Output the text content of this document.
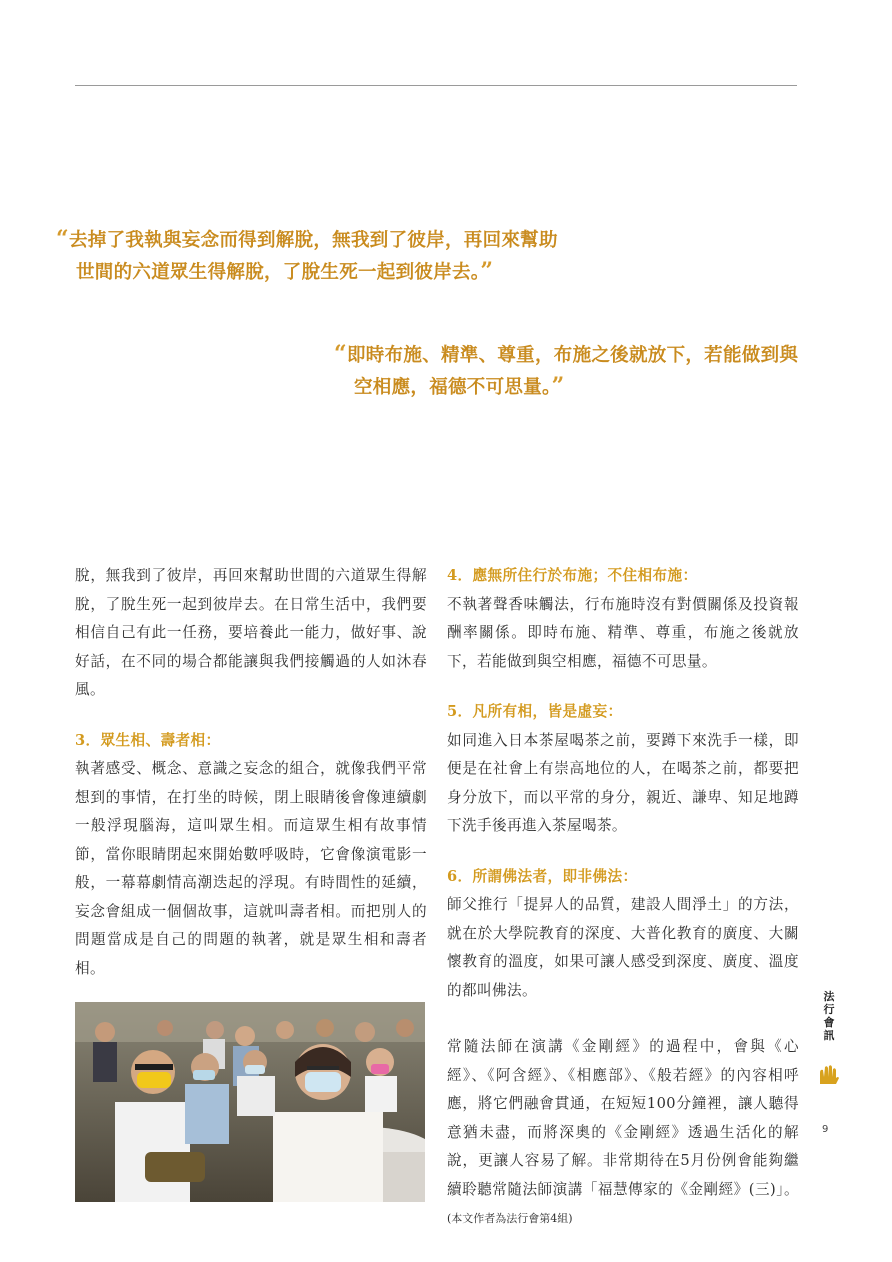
“去掉了我執與妄念而得到解脫，無我到了彼岸，再回來幫助
世間的六道眾生得解脫，了脫生死一起到彼岸去。”
“即時布施、精準、尊重，布施之後就放下，若能做到與
空相應，福德不可思量。”

脫，無我到了彼岸，再回來幫助世間的六道眾生得解脫，了脫生死一起到彼岸去。在日常生活中，我們要相信自己有此一任務，要培養此一能力，做好事、說好話，在不同的場合都能讓與我們接觸過的人如沐春風。

3．眾生相、壽者相：

執著感受、概念、意識之妄念的組合，就像我們平常想到的事情，在打坐的時候，閉上眼睛後會像連續劇一般浮現腦海，這叫眾生相。而這眾生相有故事情節，當你眼睛閉起來開始數呼吸時，它會像演電影一般，一幕幕劇情高潮迭起的浮現。有時間性的延續，妄念會組成一個個故事，這就叫壽者相。而把別人的問題當成是自己的問題的執著，就是眾生相和壽者相。

4．應無所住行於布施；不住相布施：

不執著聲香味觸法，行布施時沒有對價關係及投資報酬率關係。即時布施、精準、尊重，布施之後就放下，若能做到與空相應，福德不可思量。

5．凡所有相，皆是虛妄：

如同進入日本茶屋喝茶之前，要蹲下來洗手一樣，即便是在社會上有崇高地位的人，在喝茶之前，都要把身分放下，而以平常的身分，親近、謙卑、知足地蹲下洗手後再進入茶屋喝茶。

6．所謂佛法者，即非佛法：

師父推行「提昇人的品質，建設人間淨土」的方法，就在於大學院教育的深度、大普化教育的廣度、大關懷教育的溫度，如果可讓人感受到深度、廣度、溫度的都叫佛法。

常隨法師在演講《金剛經》的過程中，會與《心經》、《阿含經》、《相應部》、《般若經》的內容相呼應，將它們融會貫通，在短短100分鐘裡，讓人聽得意猶未盡，而將深奧的《金剛經》透過生活化的解說，更讓人容易了解。非常期待在5月份例會能夠繼續聆聽常隨法師演講「福慧傳家的《金剛經》(三)」。(本文作者為法行會第4組)

法
行
會
訊
9
